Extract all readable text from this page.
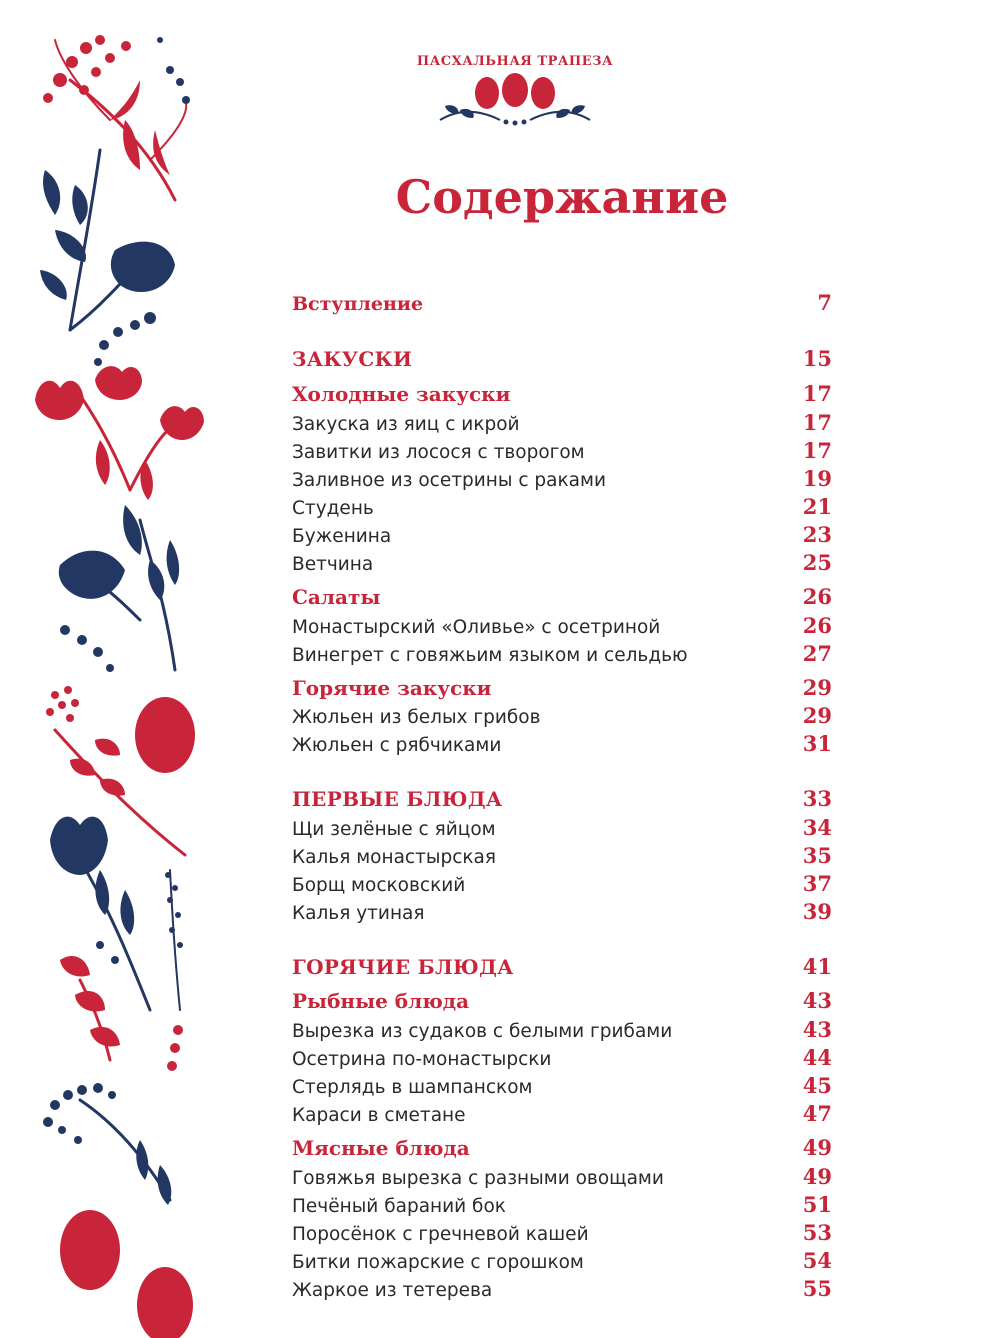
ПАСХАЛЬНАЯ ТРАПЕЗА
Содержание
Вступление	7
ЗАКУСКИ	15
Холодные закуски	17
Закуска из яиц с икрой	17
Завитки из лосося с творогом	17
Заливное из осетрины с раками	19
Студень	21
Буженина	23
Ветчина	25
Салаты	26
Монастырский «Оливье» с осетриной	26
Винегрет с говяжьим языком и сельдью	27
Горячие закуски	29
Жюльен из белых грибов	29
Жюльен с рябчиками	31
ПЕРВЫЕ БЛЮДА	33
Щи зелёные с яйцом	34
Калья монастырская	35
Борщ московский	37
Калья утиная	39
ГОРЯЧИЕ БЛЮДА	41
Рыбные блюда	43
Вырезка из судаков с белыми грибами	43
Осетрина по-монастырски	44
Стерлядь в шампанском	45
Караси в сметане	47
Мясные блюда	49
Говяжья вырезка с разными овощами	49
Печёный бараний бок	51
Поросёнок с гречневой кашей	53
Битки пожарские с горошком	54
Жаркое из тетерева	55
